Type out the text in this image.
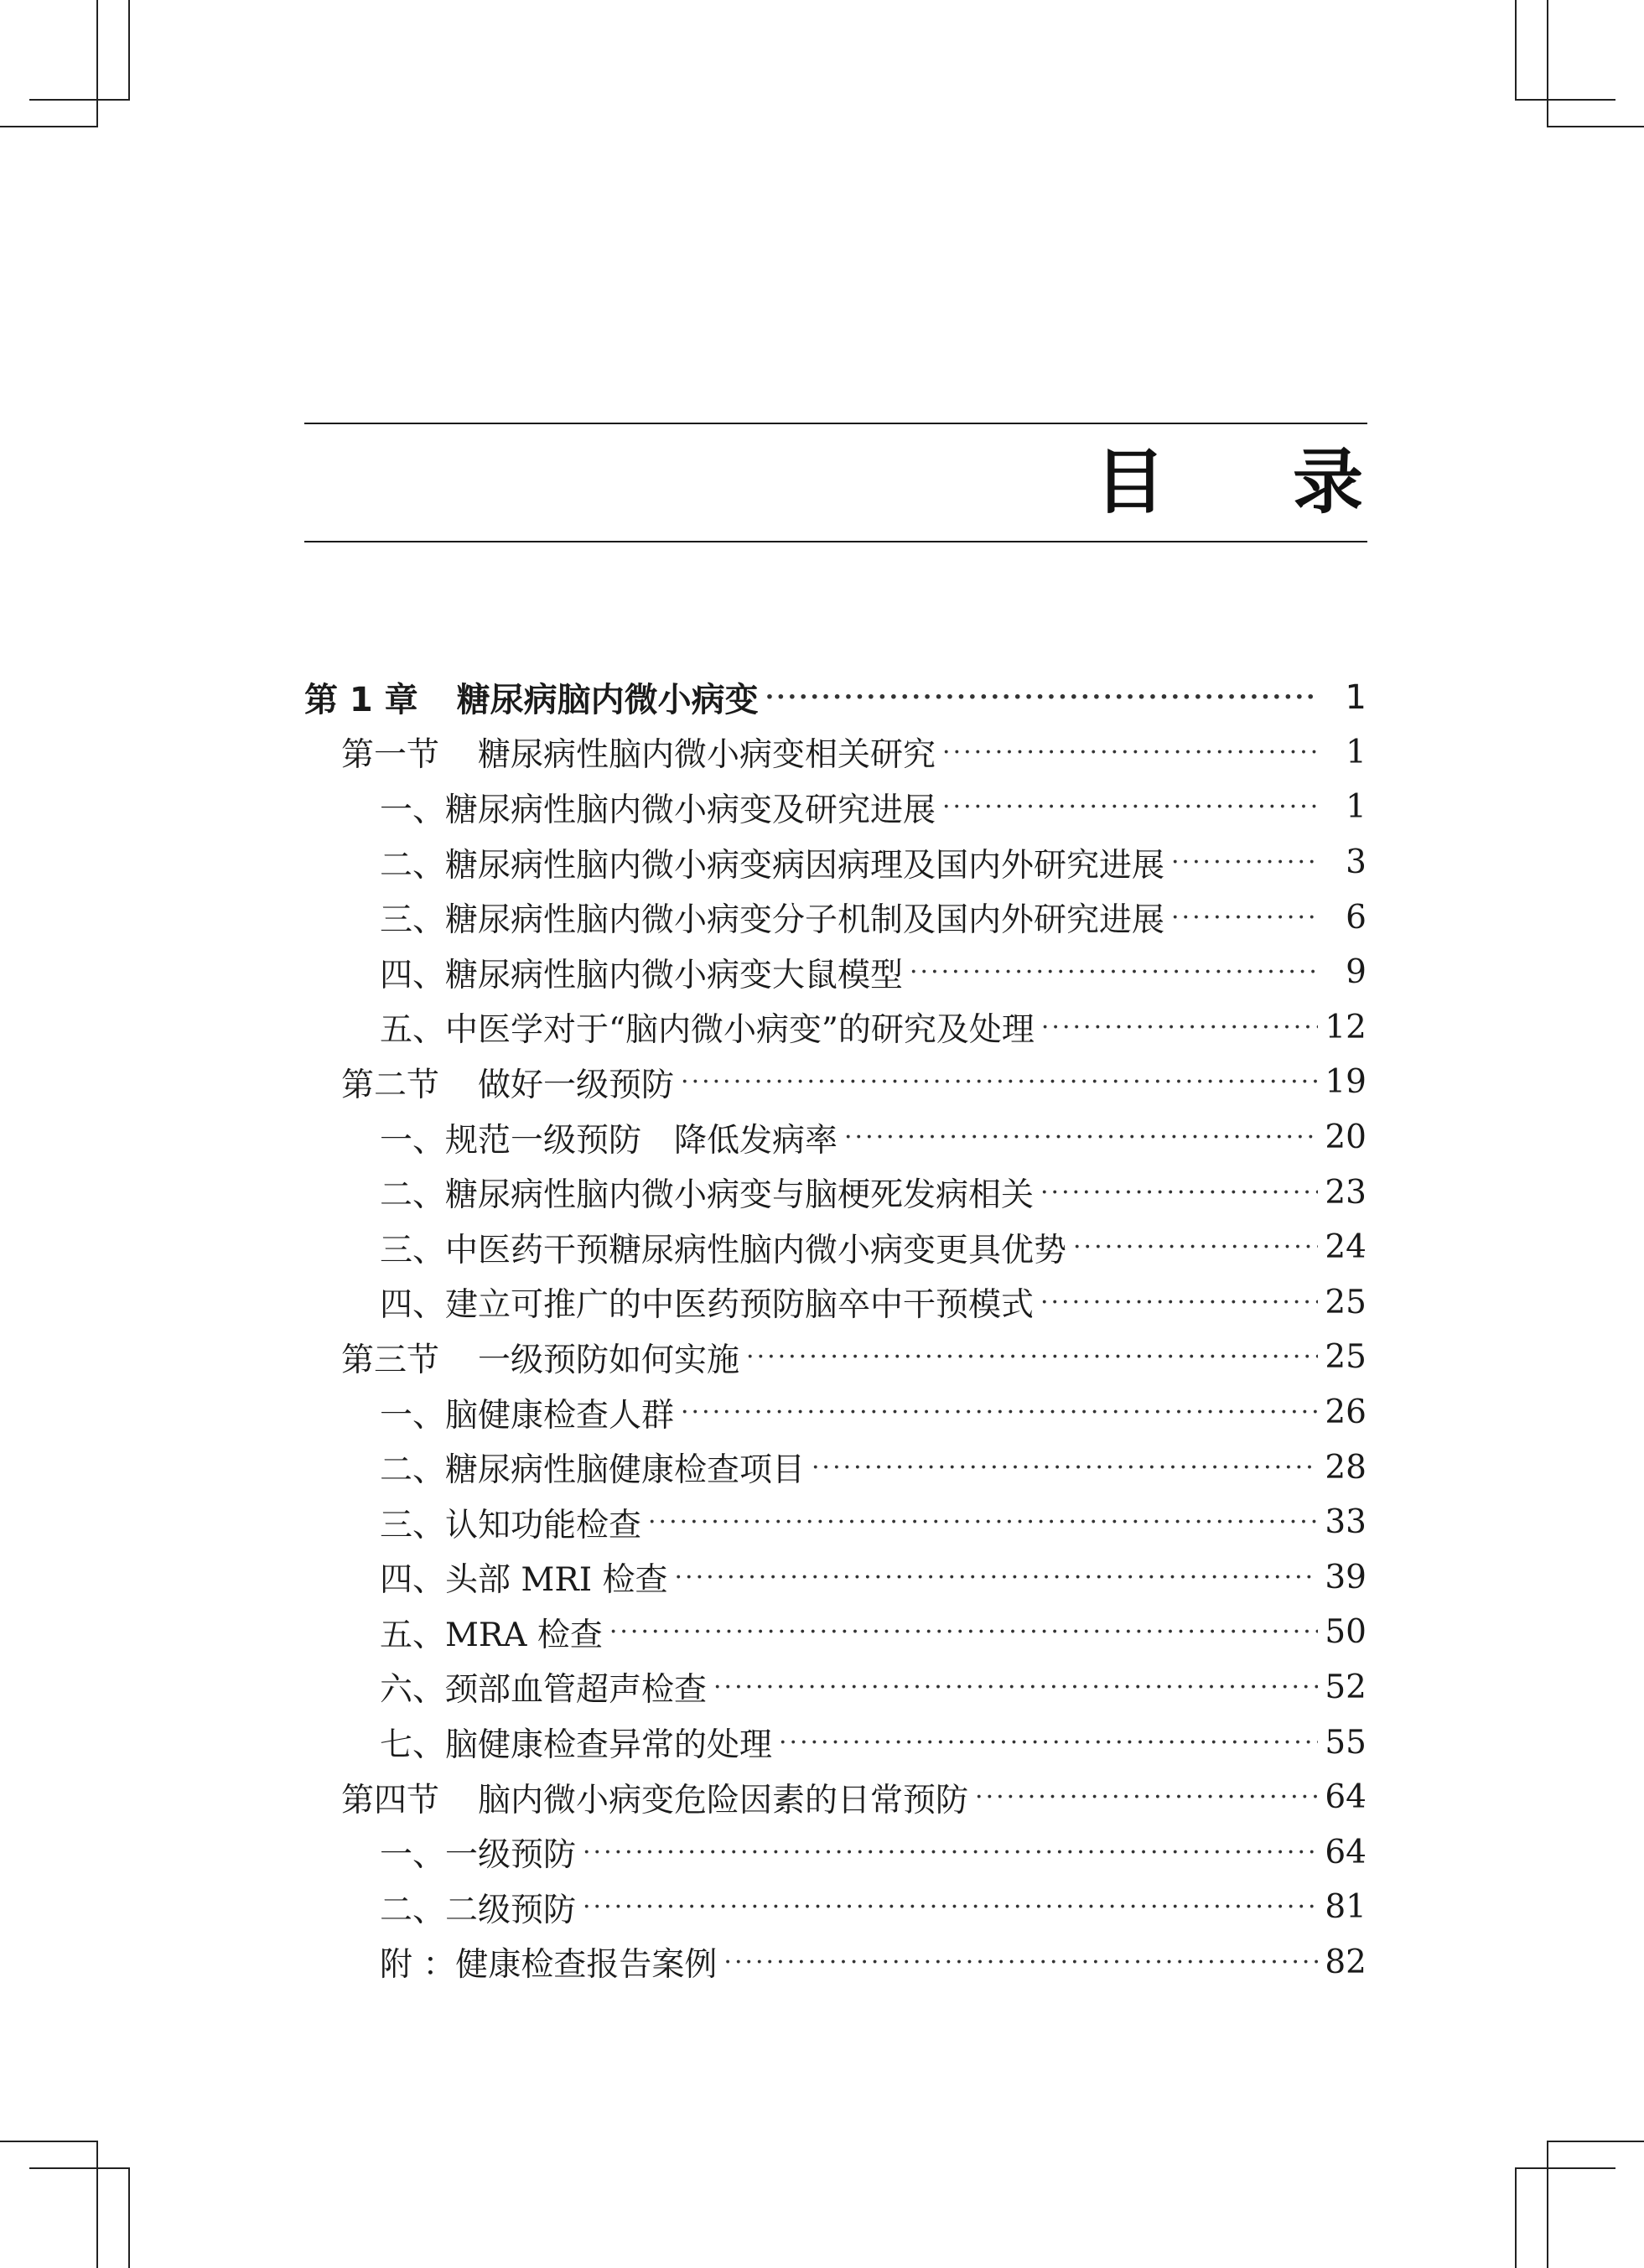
目 录
第 1 章 糖尿病脑内微小病变 ·····	1
第一节 糖尿病性脑内微小病变相关研究 ·····	1
一、糖尿病性脑内微小病变及研究进展 ·····	1
二、糖尿病性脑内微小病变病因病理及国内外研究进展 ·····	3
三、糖尿病性脑内微小病变分子机制及国内外研究进展 ·····	6
四、糖尿病性脑内微小病变大鼠模型 ·····	9
五、中医学对于“脑内微小病变”的研究及处理 ·····	12
第二节 做好一级预防 ·····	19
一、规范一级预防　降低发病率 ·····	20
二、糖尿病性脑内微小病变与脑梗死发病相关 ·····	23
三、中医药干预糖尿病性脑内微小病变更具优势 ·····	24
四、建立可推广的中医药预防脑卒中干预模式 ·····	25
第三节 一级预防如何实施 ·····	25
一、脑健康检查人群 ·····	26
二、糖尿病性脑健康检查项目 ·····	28
三、认知功能检查 ·····	33
四、头部 MRI 检查 ·····	39
五、MRA 检查 ·····	50
六、颈部血管超声检查 ·····	52
七、脑健康检查异常的处理 ·····	55
第四节 脑内微小病变危险因素的日常预防 ·····	64
一、一级预防 ·····	64
二、二级预防 ·····	81
附 ：健康检查报告案例 ·····	82
